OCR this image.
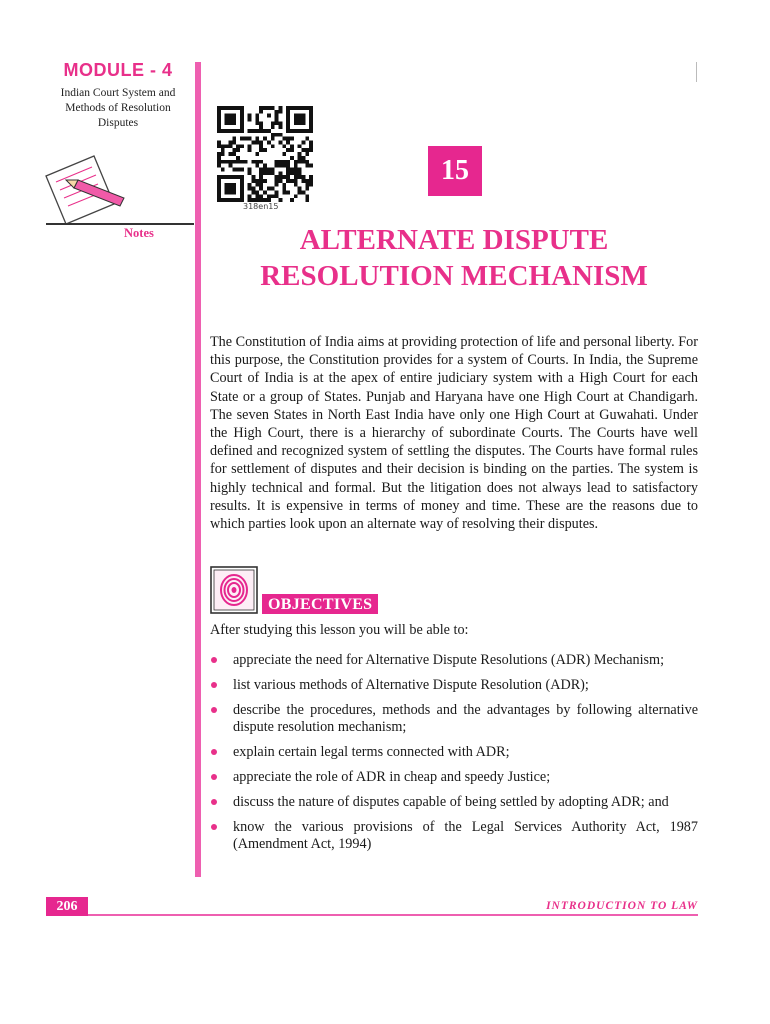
MODULE - 4
Indian Court System and
Methods of Resolution
Disputes
Notes
318en15
15
ALTERNATE DISPUTE
RESOLUTION MECHANISM
The Constitution of India aims at providing protection of life and personal liberty. For this purpose, the Constitution provides for a system of Courts. In India, the Supreme Court of India is at the apex of entire judiciary system with a High Court for each State or a group of States. Punjab and Haryana have one High Court at Chandigarh. The seven States in North East India have only one High Court at Guwahati. Under the High Court, there is a hierarchy of subordinate Courts. The Courts have well defined and recognized system of settling the disputes. The Courts have formal rules for settlement of disputes and their decision is binding on the parties. The system is highly technical and formal. But the litigation does not always lead to satisfactory results. It is expensive in terms of money and time. These are the reasons due to which parties look upon an alternate way of resolving their disputes.
OBJECTIVES
After studying this lesson you will be able to:
appreciate the need for Alternative Dispute Resolutions (ADR) Mechanism;
list various methods of Alternative Dispute Resolution (ADR);
describe the procedures, methods and the advantages by following alternative dispute resolution mechanism;
explain certain legal terms connected with ADR;
appreciate the role of ADR in cheap and speedy Justice;
discuss the nature of disputes capable of being settled by adopting ADR; and
know the various provisions of the Legal Services Authority Act, 1987 (Amendment Act, 1994)
206	INTRODUCTION TO LAW
